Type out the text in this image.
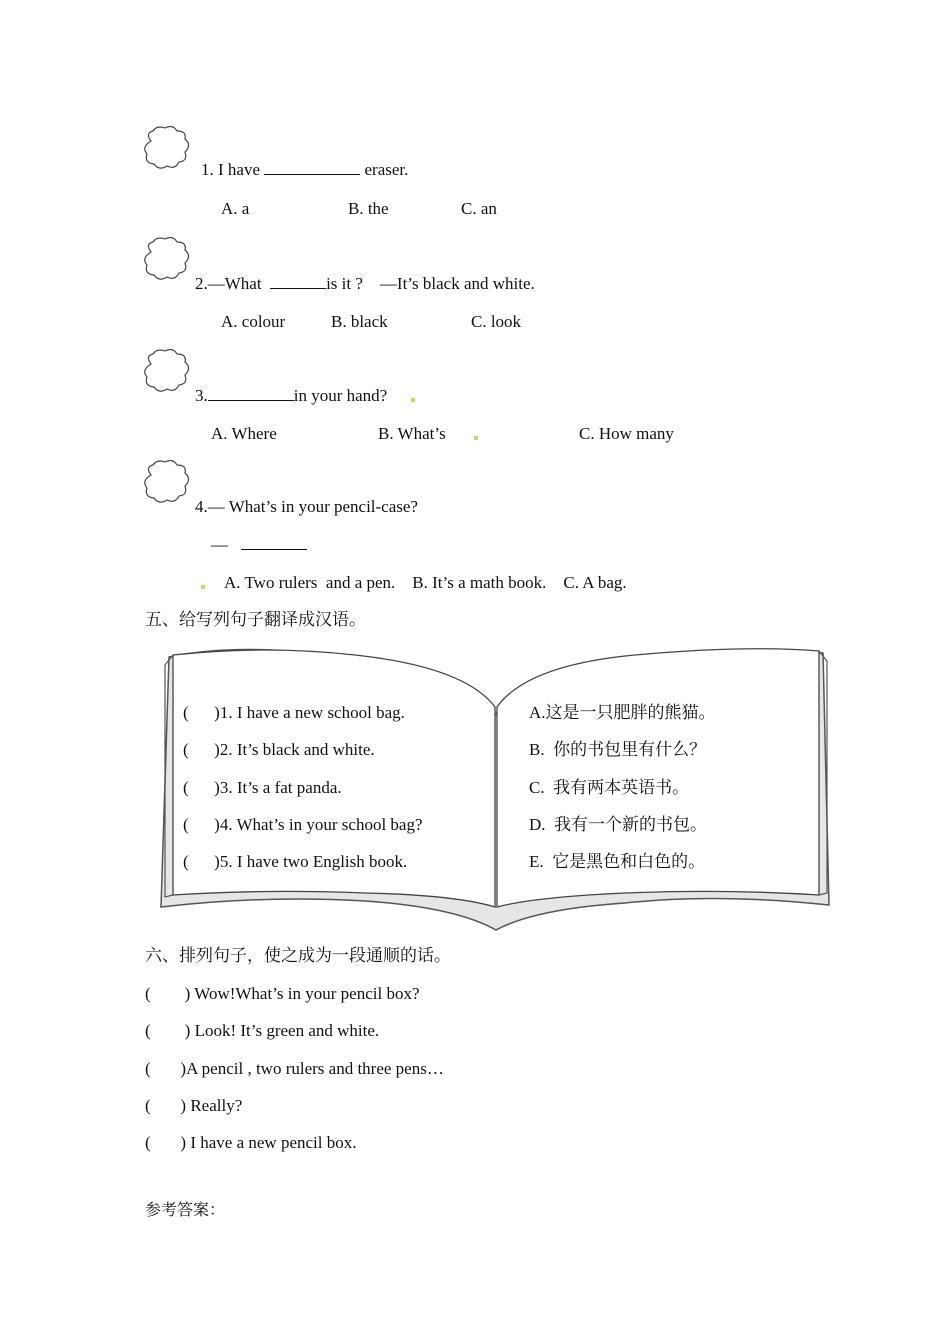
1. I have	eraser.
A. a	B. the	C. an
2.—What	is it ?    —It’s black and white.
A. colour	B. black	C. look
3.	in your hand?
A. Where	B. What’s	C. How many
4.— What’s in your pencil-case?
—
A. Two rulers  and a pen.    B. It’s a math book.    C. A bag.
五、给写列句子翻译成汉语。
(      )1. I have a new school bag.
(      )2. It’s black and white.
(      )3. It’s a fat panda.
(      )4. What’s in your school bag?
(      )5. I have two English book.
A.这是一只肥胖的熊猫。
B.  你的书包里有什么？
C.  我有两本英语书。
D.  我有一个新的书包。
E.  它是黑色和白色的。
六、排列句子，使之成为一段通顺的话。
(        ) Wow!What’s in your pencil box?
(        ) Look! It’s green and white.
(       )A pencil , two rulers and three pens…
(       ) Really?
(       ) I have a new pencil box.
参考答案：
